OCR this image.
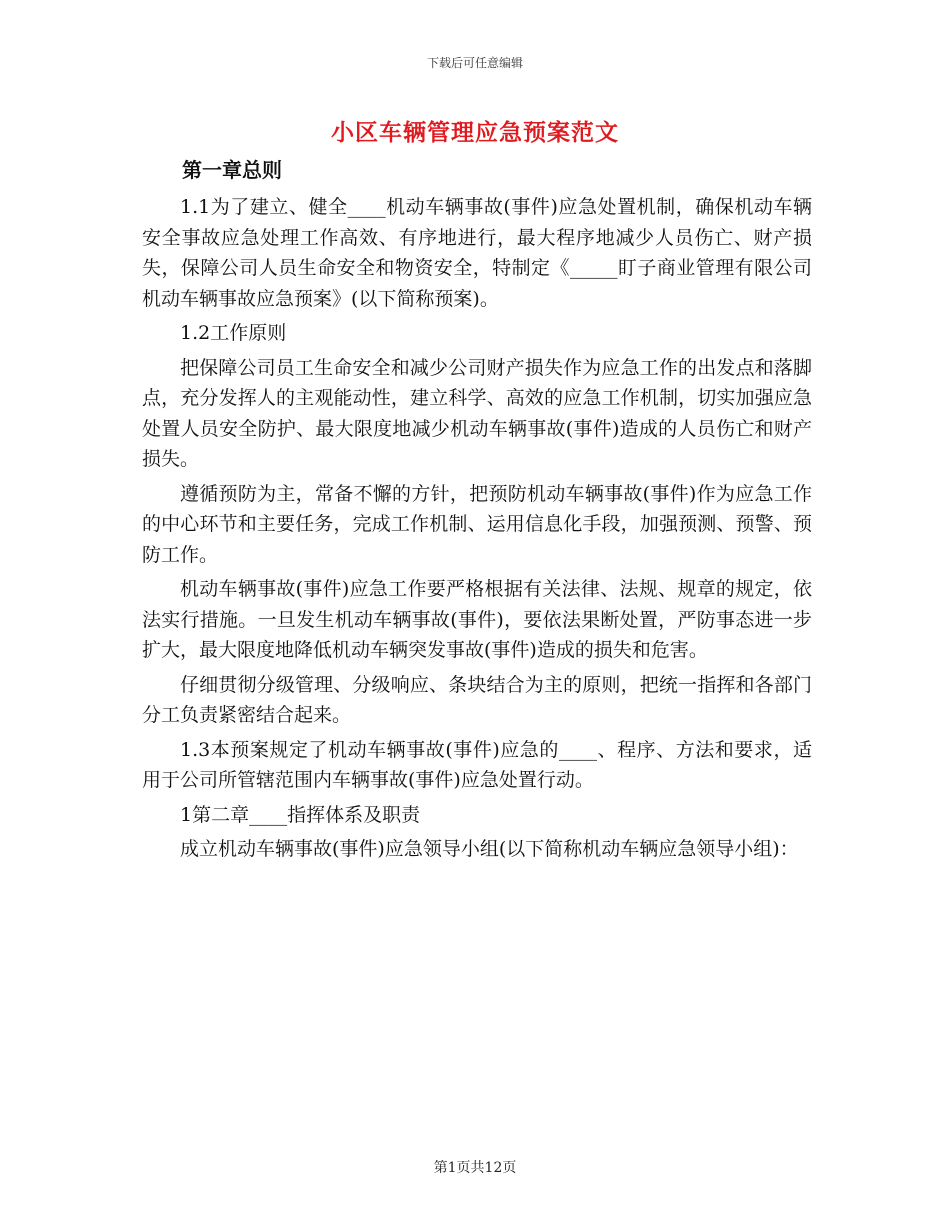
下载后可任意编辑
小区车辆管理应急预案范文

第一章总则

1.1为了建立、健全____机动车辆事故(事件)应急处置机制，确保机动车辆安全事故应急处理工作高效、有序地进行，最大程序地减少人员伤亡、财产损失，保障公司人员生命安全和物资安全，特制定《_____盯子商业管理有限公司机动车辆事故应急预案》(以下简称预案)。

1.2工作原则

把保障公司员工生命安全和减少公司财产损失作为应急工作的出发点和落脚点，充分发挥人的主观能动性，建立科学、高效的应急工作机制，切实加强应急处置人员安全防护、最大限度地减少机动车辆事故(事件)造成的人员伤亡和财产损失。

遵循预防为主，常备不懈的方针，把预防机动车辆事故(事件)作为应急工作的中心环节和主要任务，完成工作机制、运用信息化手段，加强预测、预警、预防工作。

机动车辆事故(事件)应急工作要严格根据有关法律、法规、规章的规定，依法实行措施。一旦发生机动车辆事故(事件)，要依法果断处置，严防事态进一步扩大，最大限度地降低机动车辆突发事故(事件)造成的损失和危害。

仔细贯彻分级管理、分级响应、条块结合为主的原则，把统一指挥和各部门分工负责紧密结合起来。

1.3本预案规定了机动车辆事故(事件)应急的____、程序、方法和要求，适用于公司所管辖范围内车辆事故(事件)应急处置行动。

1第二章____指挥体系及职责

成立机动车辆事故(事件)应急领导小组(以下简称机动车辆应急领导小组)：

第1页共12页
